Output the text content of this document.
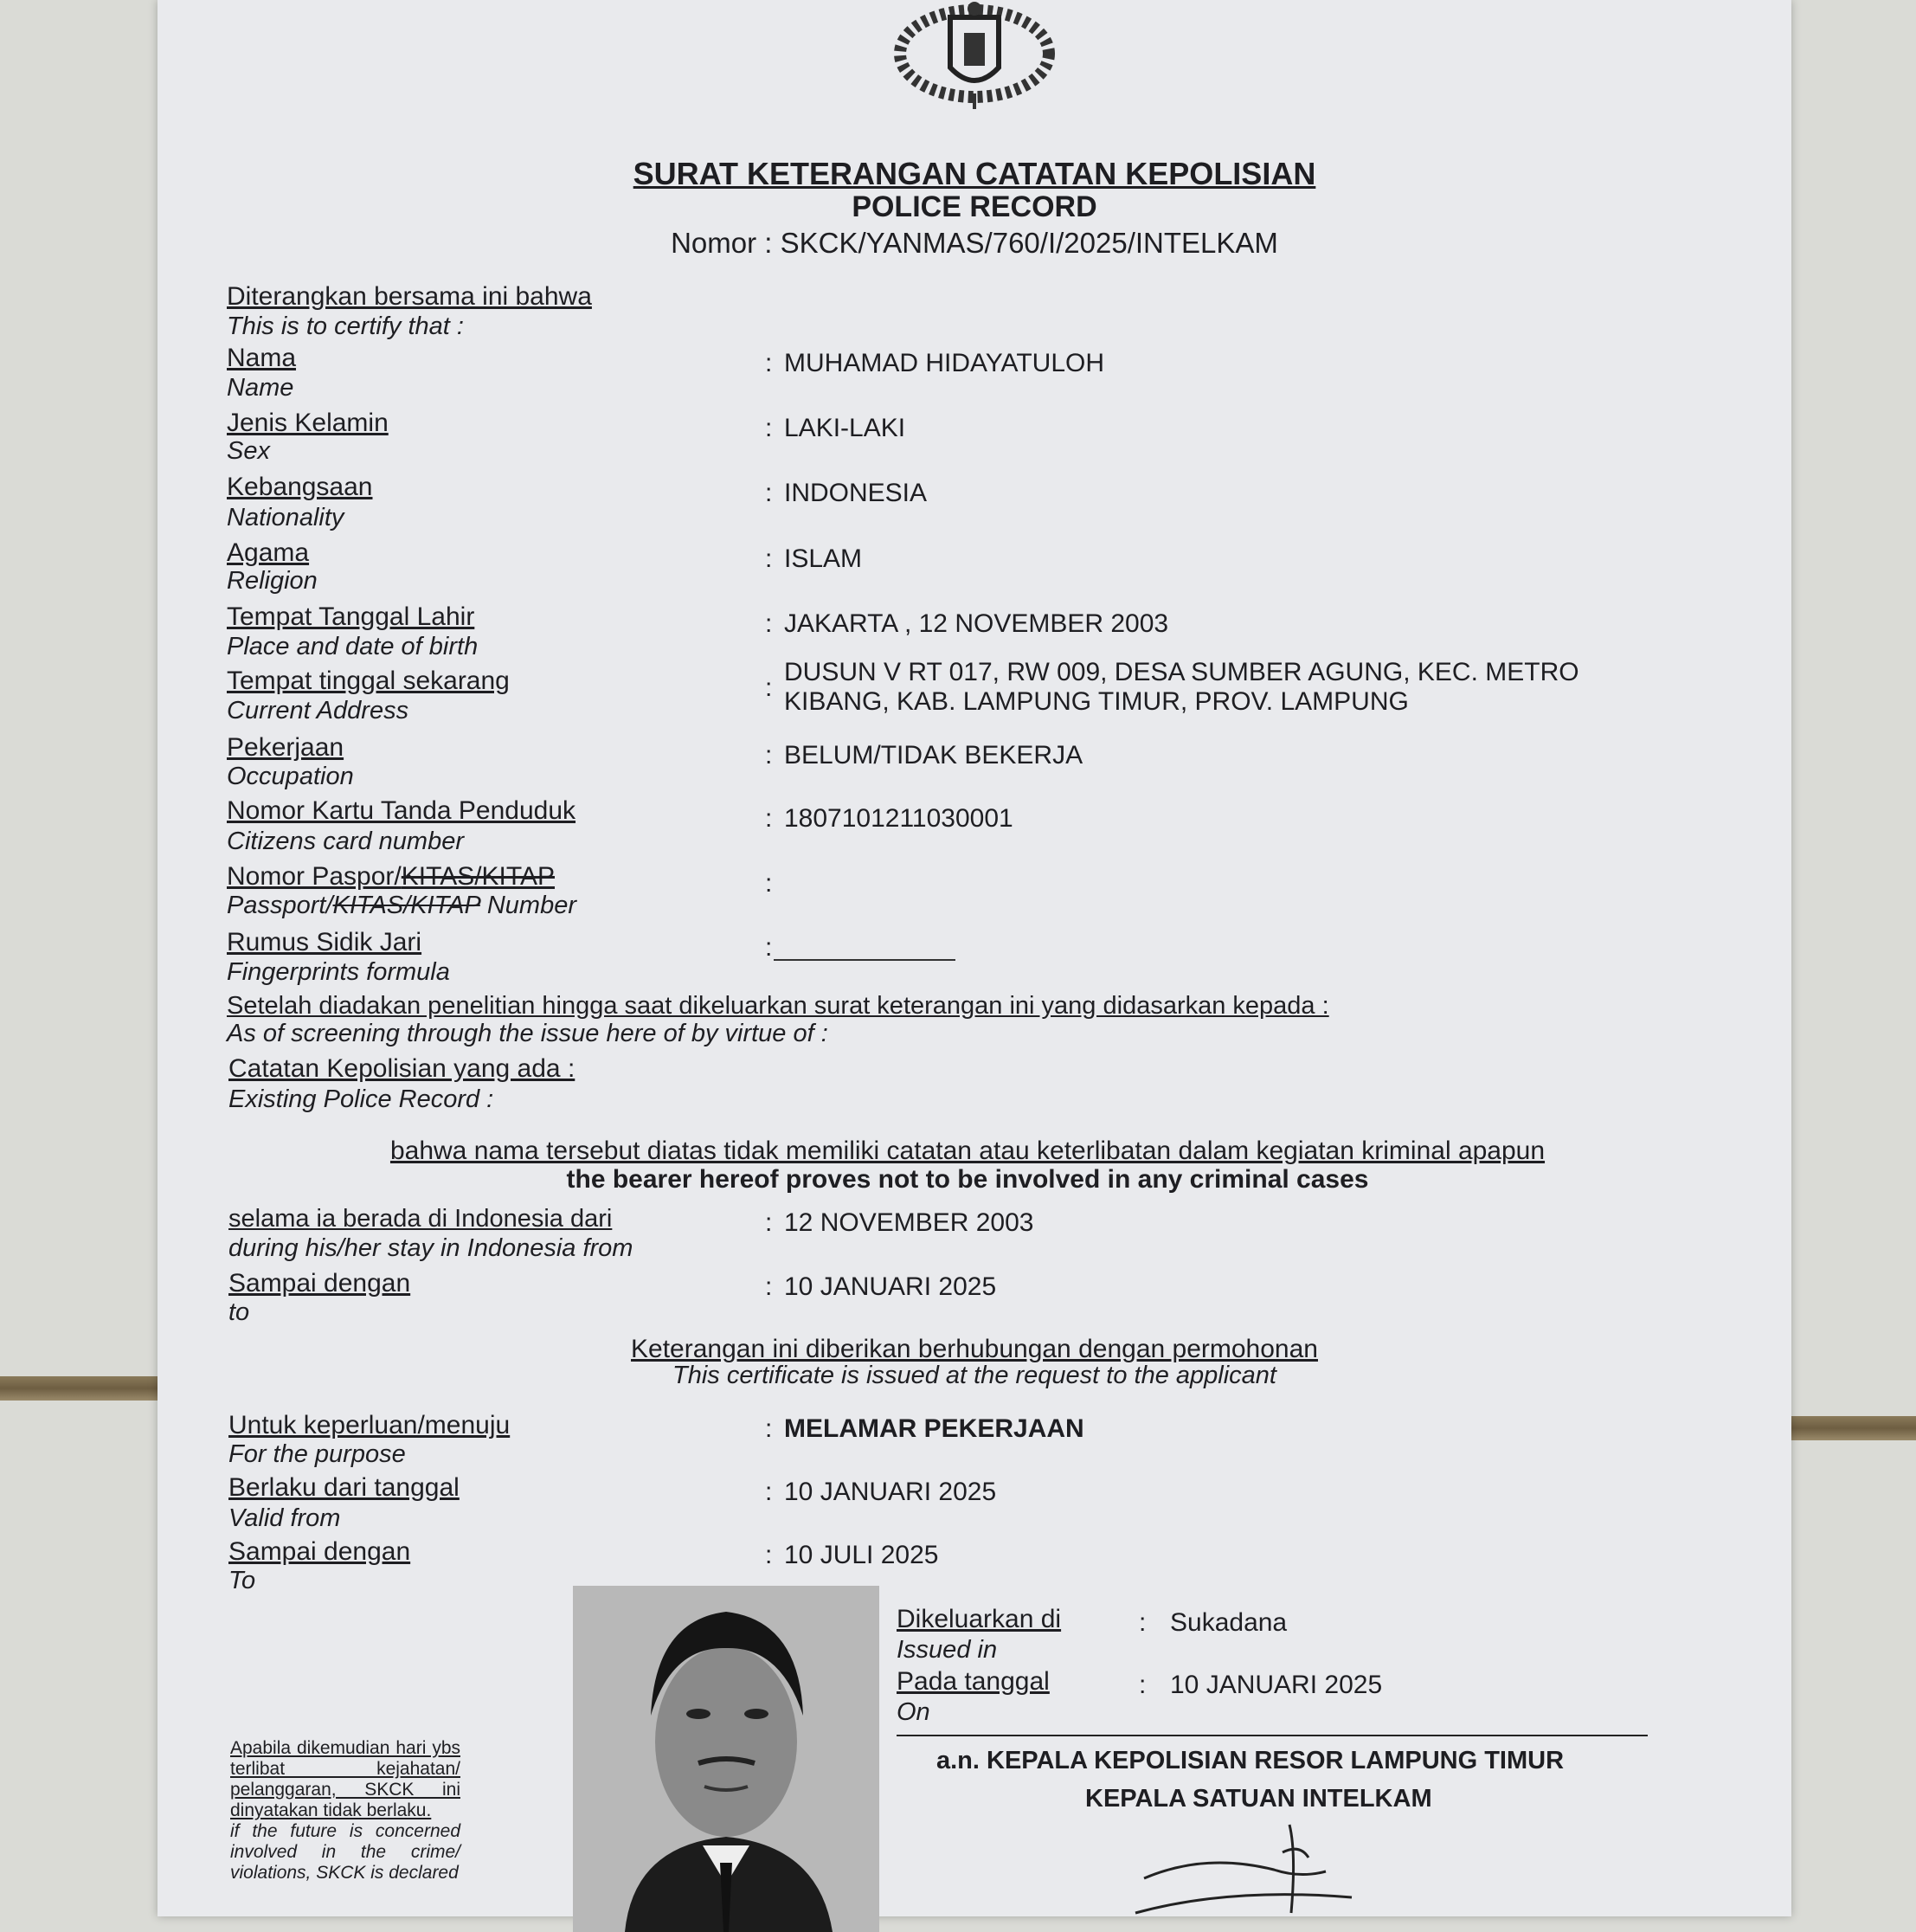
SURAT KETERANGAN CATATAN KEPOLISIAN
POLICE RECORD
Nomor : SKCK/YANMAS/760/I/2025/INTELKAM
Diterangkan bersama ini bahwa
This is to certify that :
Nama
Name
: MUHAMAD HIDAYATULOH
Jenis Kelamin
Sex
: LAKI-LAKI
Kebangsaan
Nationality
: INDONESIA
Agama
Religion
: ISLAM
Tempat Tanggal Lahir
Place and date of birth
: JAKARTA , 12 NOVEMBER 2003
Tempat tinggal sekarang
Current Address
:
DUSUN V RT 017, RW 009, DESA SUMBER AGUNG, KEC. METRO
KIBANG, KAB. LAMPUNG TIMUR, PROV. LAMPUNG
Pekerjaan
Occupation
: BELUM/TIDAK BEKERJA
Nomor Kartu Tanda Penduduk
Citizens card number
: 1807101211030001
Nomor Paspor/KITAS/KITAP
Passport/KITAS/KITAP Number
:
Rumus Sidik Jari
Fingerprints formula
:
Setelah diadakan penelitian hingga saat dikeluarkan surat keterangan ini yang didasarkan kepada :
As of screening through the issue here of by virtue of :
Catatan Kepolisian yang ada :
Existing Police Record :
bahwa nama tersebut diatas tidak memiliki catatan atau keterlibatan dalam kegiatan kriminal apapun
the bearer hereof proves not to be involved in any criminal cases
selama ia berada di Indonesia dari
during his/her stay in Indonesia from
: 12 NOVEMBER 2003
Sampai dengan
to
: 10 JANUARI 2025
Keterangan ini diberikan berhubungan dengan permohonan
This certificate is issued at the request to the applicant
Untuk keperluan/menuju
For the purpose
: MELAMAR PEKERJAAN
Berlaku dari tanggal
Valid from
: 10 JANUARI 2025
Sampai dengan
To
: 10 JULI 2025
Apabila dikemudian hari ybs terlibat kejahatan/ pelanggaran, SKCK ini dinyatakan tidak berlaku.
if the future is concerned involved in the crime/ violations, SKCK is declared
Dikeluarkan di
Issued in
: Sukadana
Pada tanggal
On
: 10 JANUARI 2025
a.n. KEPALA KEPOLISIAN RESOR LAMPUNG TIMUR
KEPALA SATUAN INTELKAM
